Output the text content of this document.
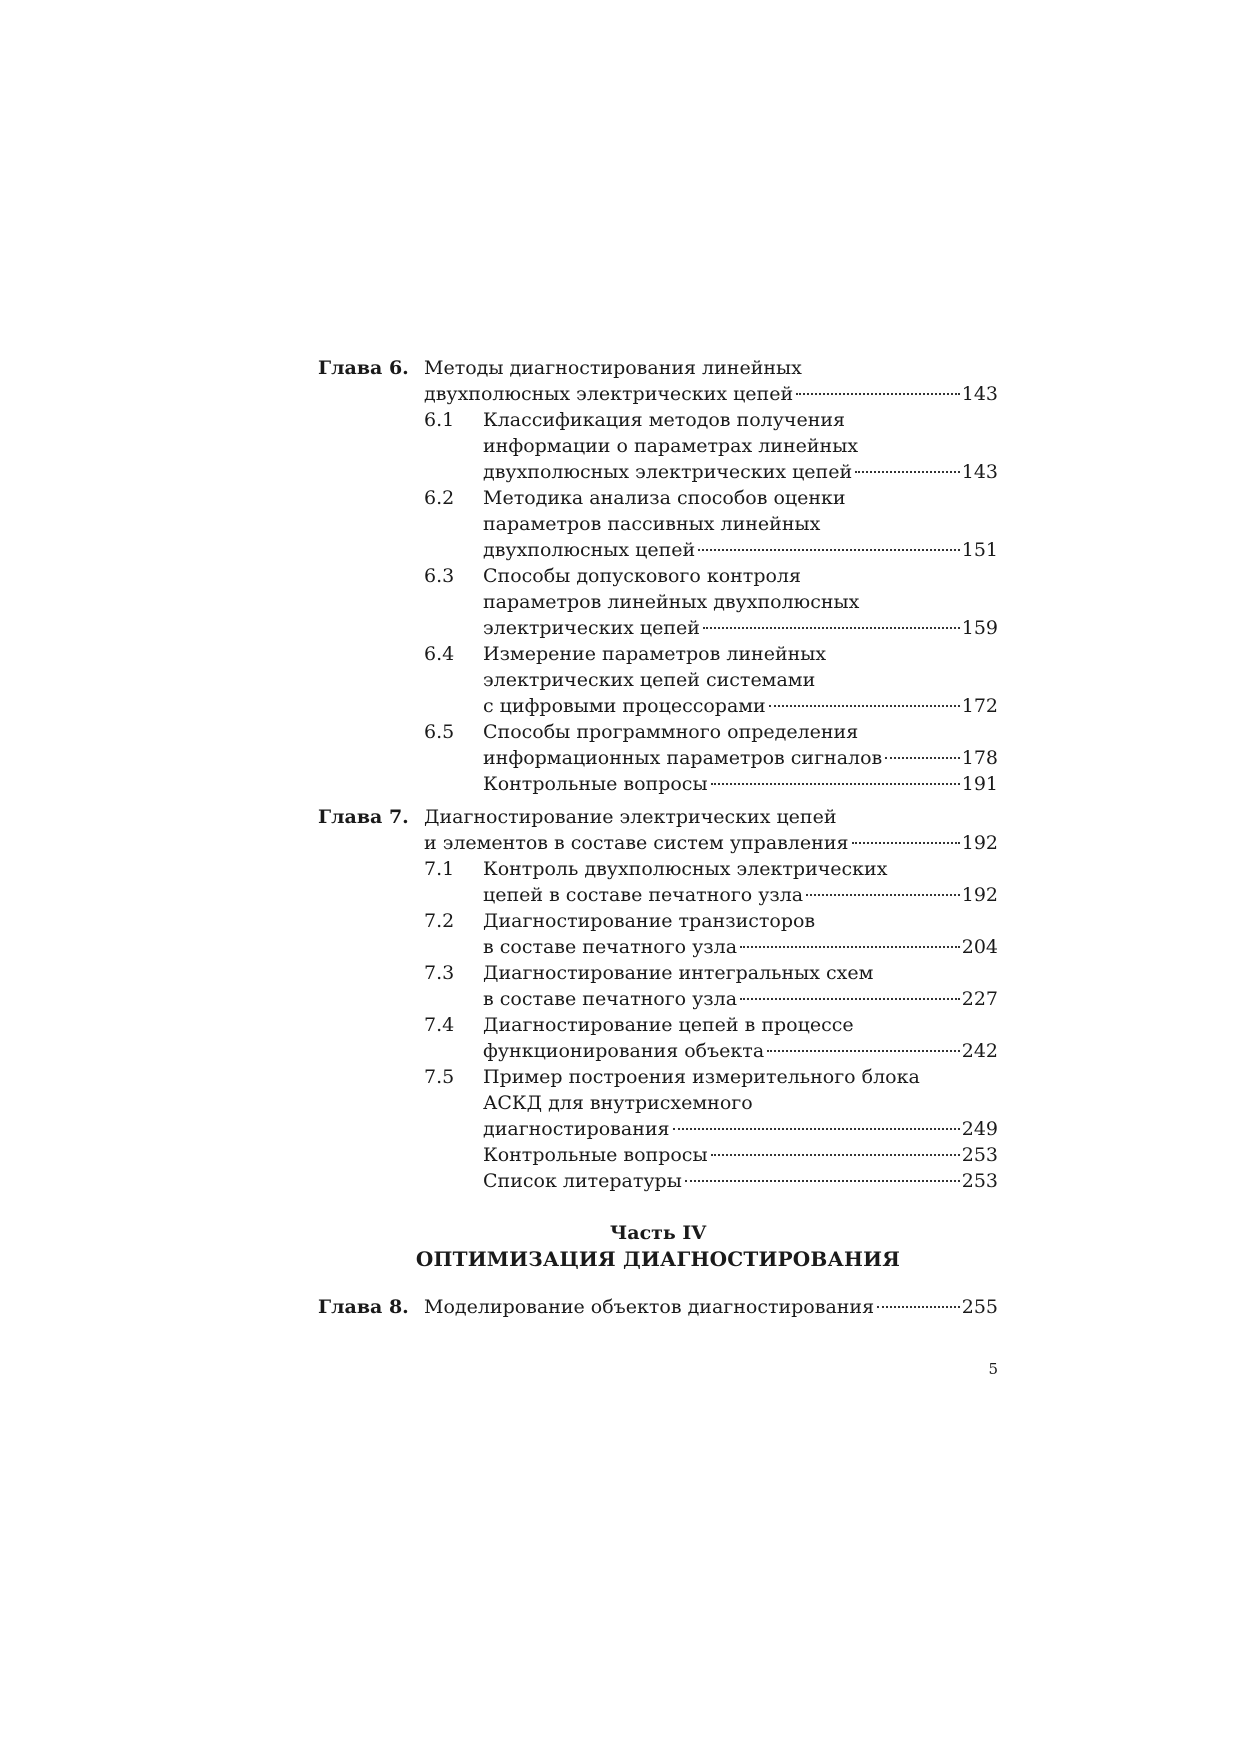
Глава 6. Методы диагностирования линейных
двухполюсных электрических цепей	143
6.1 Классификация методов получения
информации о параметрах линейных
двухполюсных электрических цепей	143
6.2 Методика анализа способов оценки
параметров пассивных линейных
двухполюсных цепей	151
6.3 Способы допускового контроля
параметров линейных двухполюсных
электрических цепей	159
6.4 Измерение параметров линейных
электрических цепей системами
с цифровыми процессорами	172
6.5 Способы программного определения
информационных параметров сигналов	178
Контрольные вопросы	191
Глава 7. Диагностирование электрических цепей
и элементов в составе систем управления	192
7.1 Контроль двухполюсных электрических
цепей в составе печатного узла	192
7.2 Диагностирование транзисторов
в составе печатного узла	204
7.3 Диагностирование интегральных схем
в составе печатного узла	227
7.4 Диагностирование цепей в процессе
функционирования объекта	242
7.5 Пример построения измерительного блока
АСКД для внутрисхемного
диагностирования	249
Контрольные вопросы	253
Список литературы	253
Часть IV
ОПТИМИЗАЦИЯ ДИАГНОСТИРОВАНИЯ
Глава 8. Моделирование объектов диагностирования	255
5
